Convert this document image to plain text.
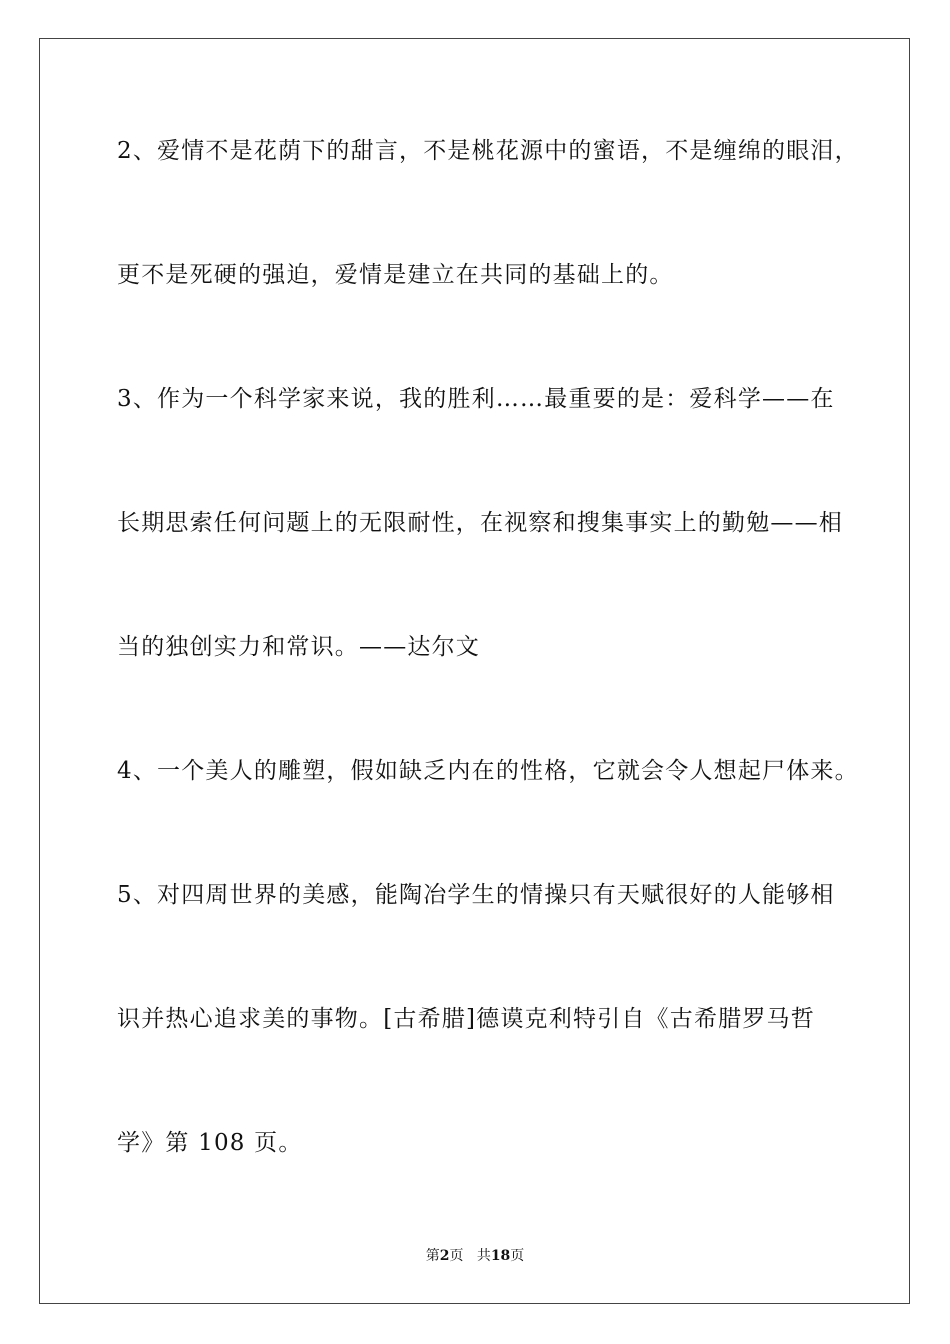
2、爱情不是花荫下的甜言，不是桃花源中的蜜语，不是缠绵的眼泪，
更不是死硬的强迫，爱情是建立在共同的基础上的。
3、作为一个科学家来说，我的胜利……最重要的是：爱科学——在
长期思索任何问题上的无限耐性，在视察和搜集事实上的勤勉——相
当的独创实力和常识。——达尔文
4、一个美人的雕塑，假如缺乏内在的性格，它就会令人想起尸体来。
5、对四周世界的美感，能陶冶学生的情操只有天赋很好的人能够相
识并热心追求美的事物。[古希腊]德谟克利特引自《古希腊罗马哲
学》第 108 页。
第2页 共18页
